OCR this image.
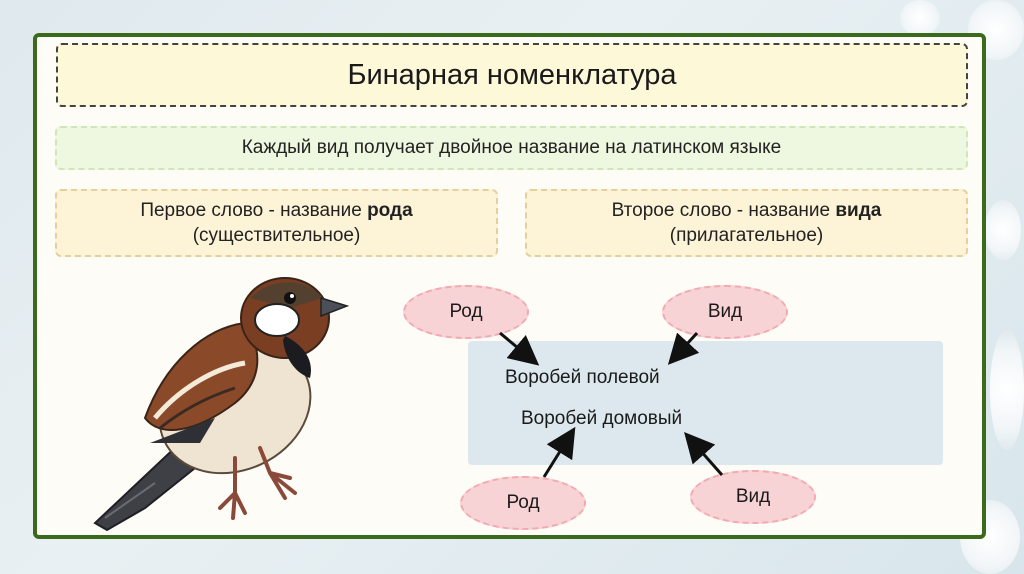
Бинарная номенклатура
Каждый вид получает двойное название на латинском языке
Первое слово - название рода
(существительное)
Второе слово - название вида
(прилагательное)
Воробей полевой
Воробей домовый
Род	Вид
Род	Вид
